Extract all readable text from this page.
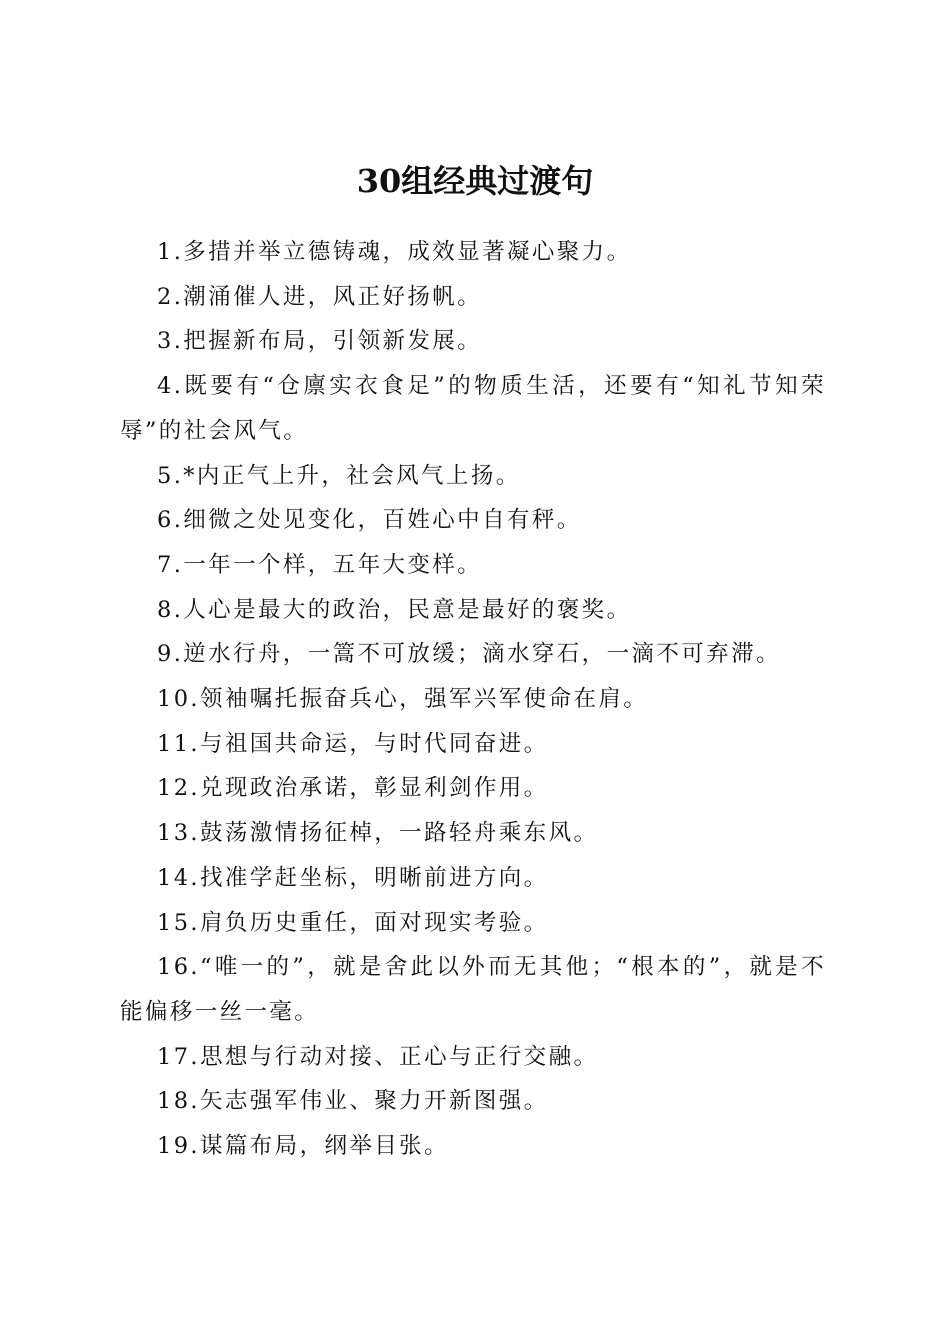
30组经典过渡句

1.多措并举立德铸魂，成效显著凝心聚力。

2.潮涌催人进，风正好扬帆。

3.把握新布局，引领新发展。

4.既要有“仓廪实衣食足”的物质生活，还要有“知礼节知荣辱”的社会风气。

5.*内正气上升，社会风气上扬。

6.细微之处见变化，百姓心中自有秤。

7.一年一个样，五年大变样。

8.人心是最大的政治，民意是最好的褒奖。

9.逆水行舟，一篙不可放缓；滴水穿石，一滴不可弃滞。

10.领袖嘱托振奋兵心，强军兴军使命在肩。

11.与祖国共命运，与时代同奋进。

12.兑现政治承诺，彰显利剑作用。

13.鼓荡激情扬征棹，一路轻舟乘东风。

14.找准学赶坐标，明晰前进方向。

15.肩负历史重任，面对现实考验。

16.“唯一的”，就是舍此以外而无其他；“根本的”，就是不能偏移一丝一毫。

17.思想与行动对接、正心与正行交融。

18.矢志强军伟业、聚力开新图强。

19.谋篇布局，纲举目张。
